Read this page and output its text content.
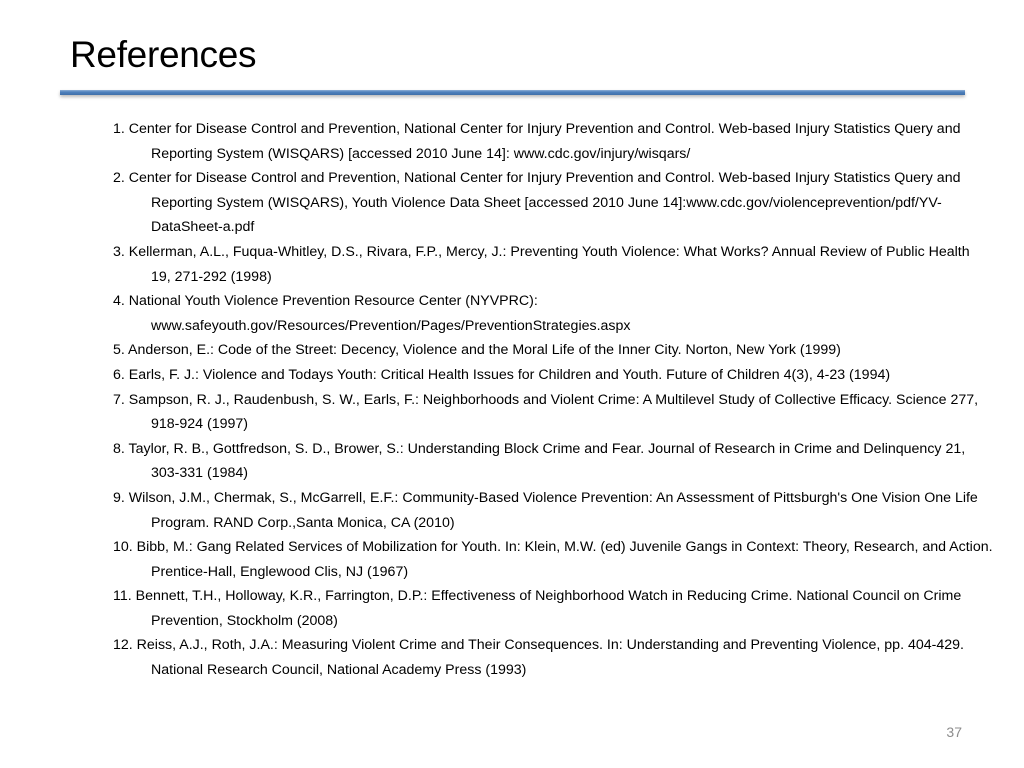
References
1. Center for Disease Control and Prevention, National Center for Injury Prevention and Control. Web-based Injury Statistics Query and Reporting System (WISQARS) [accessed 2010 June 14]: www.cdc.gov/injury/wisqars/
2. Center for Disease Control and Prevention, National Center for Injury Prevention and Control. Web-based Injury Statistics Query and Reporting System (WISQARS), Youth Violence Data Sheet [accessed 2010 June 14]:www.cdc.gov/violenceprevention/pdf/YV-DataSheet-a.pdf
3. Kellerman, A.L., Fuqua-Whitley, D.S., Rivara, F.P., Mercy, J.: Preventing Youth Violence: What Works? Annual Review of Public Health 19, 271-292 (1998)
4. National Youth Violence Prevention Resource Center (NYVPRC): www.safeyouth.gov/Resources/Prevention/Pages/PreventionStrategies.aspx
5. Anderson, E.: Code of the Street: Decency, Violence and the Moral Life of the Inner City. Norton, New York (1999)
6. Earls, F. J.: Violence and Todays Youth: Critical Health Issues for Children and Youth. Future of Children 4(3), 4-23 (1994)
7. Sampson, R. J., Raudenbush, S. W., Earls, F.: Neighborhoods and Violent Crime: A Multilevel Study of Collective Efficacy. Science 277, 918-924 (1997)
8. Taylor, R. B., Gottfredson, S. D., Brower, S.: Understanding Block Crime and Fear. Journal of Research in Crime and Delinquency 21, 303-331 (1984)
9. Wilson, J.M., Chermak, S., McGarrell, E.F.: Community-Based Violence Prevention: An Assessment of Pittsburgh's One Vision One Life Program. RAND Corp.,Santa Monica, CA (2010)
10. Bibb, M.: Gang Related Services of Mobilization for Youth. In: Klein, M.W. (ed) Juvenile Gangs in Context: Theory, Research, and Action. Prentice-Hall, Englewood Clis, NJ (1967)
11. Bennett, T.H., Holloway, K.R., Farrington, D.P.: Effectiveness of Neighborhood Watch in Reducing Crime. National Council on Crime Prevention, Stockholm (2008)
12. Reiss, A.J., Roth, J.A.: Measuring Violent Crime and Their Consequences. In: Understanding and Preventing Violence, pp. 404-429. National Research Council, National Academy Press (1993)
37
